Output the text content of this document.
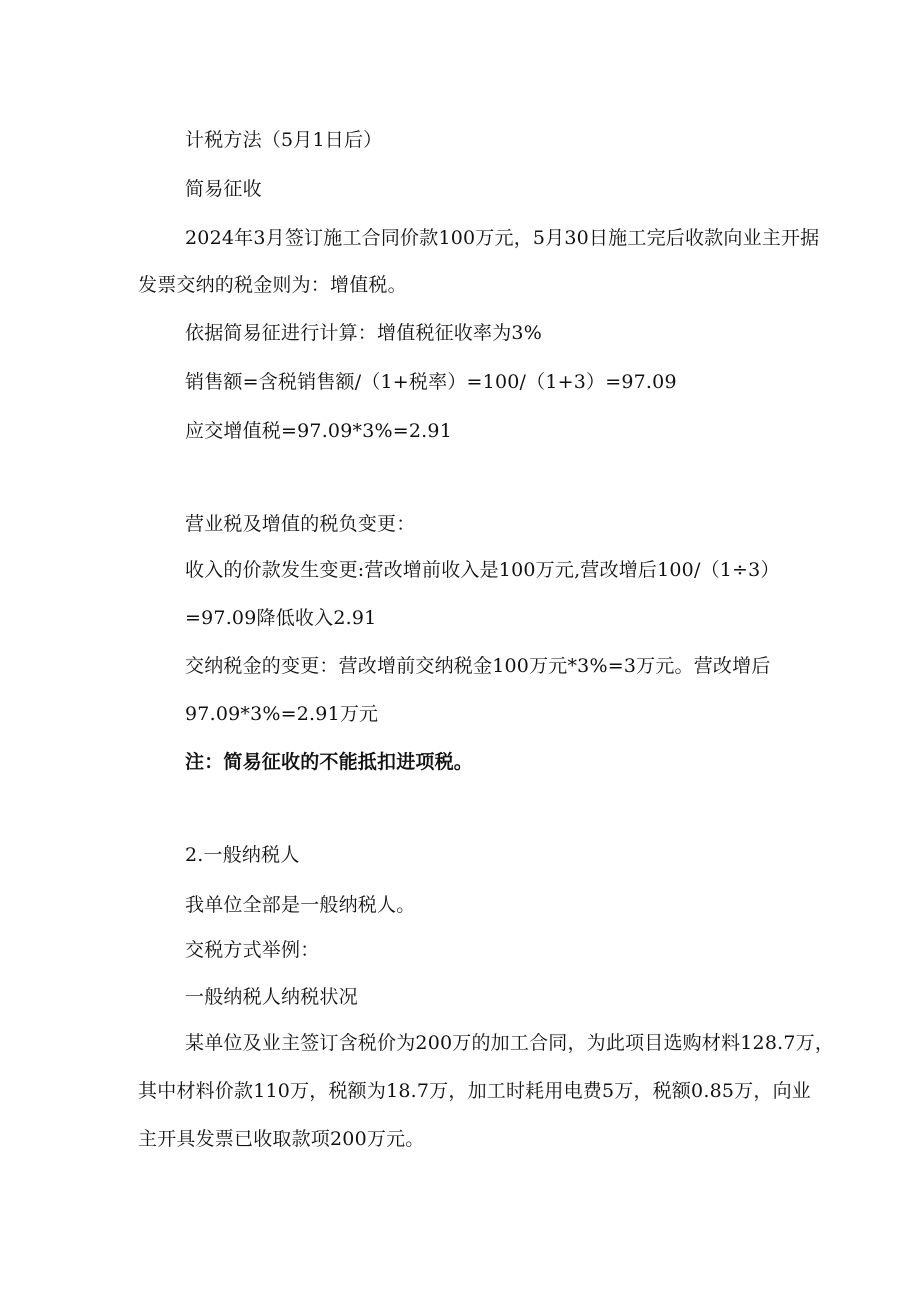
计税方法（5月1日后）
简易征收
2024年3月签订施工合同价款100万元，5月30日施工完后收款向业主开据
发票交纳的税金则为：增值税。
依据简易征进行计算：增值税征收率为3%
销售额=含税销售额/（1+税率）=100/（1+3）=97.09
应交增值税=97.09*3%=2.91
营业税及增值的税负变更：
收入的价款发生变更:营改增前收入是100万元,营改增后100/（1÷3）
=97.09降低收入2.91
交纳税金的变更：营改增前交纳税金100万元*3%=3万元。营改增后
97.09*3%=2.91万元
注：简易征收的不能抵扣进项税。
2.一般纳税人
我单位全部是一般纳税人。
交税方式举例：
一般纳税人纳税状况
某单位及业主签订含税价为200万的加工合同，为此项目选购材料128.7万，
其中材料价款110万，税额为18.7万，加工时耗用电费5万，税额0.85万，向业
主开具发票已收取款项200万元。
